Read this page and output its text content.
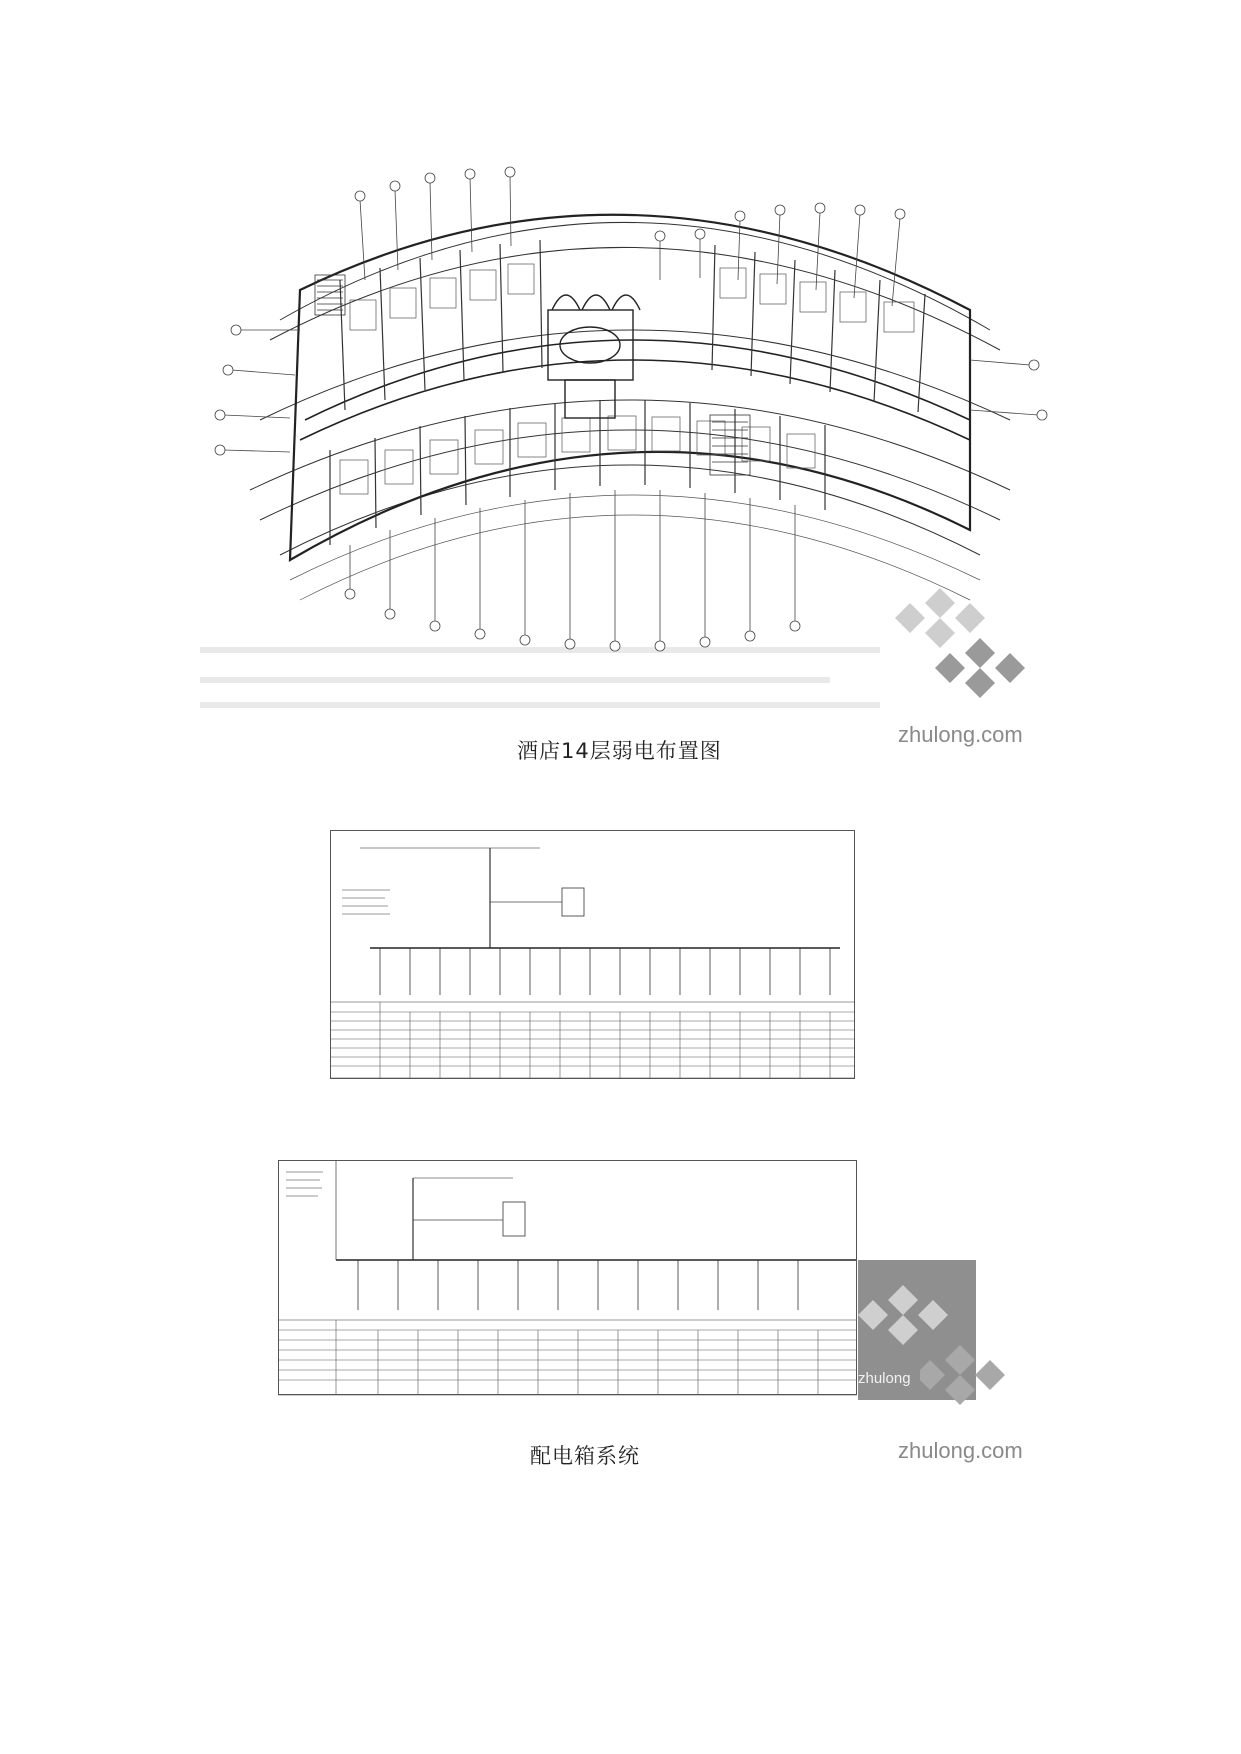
zhulong.com
酒店14层弱电布置图
zhulong
zhulong.com
配电箱系统
